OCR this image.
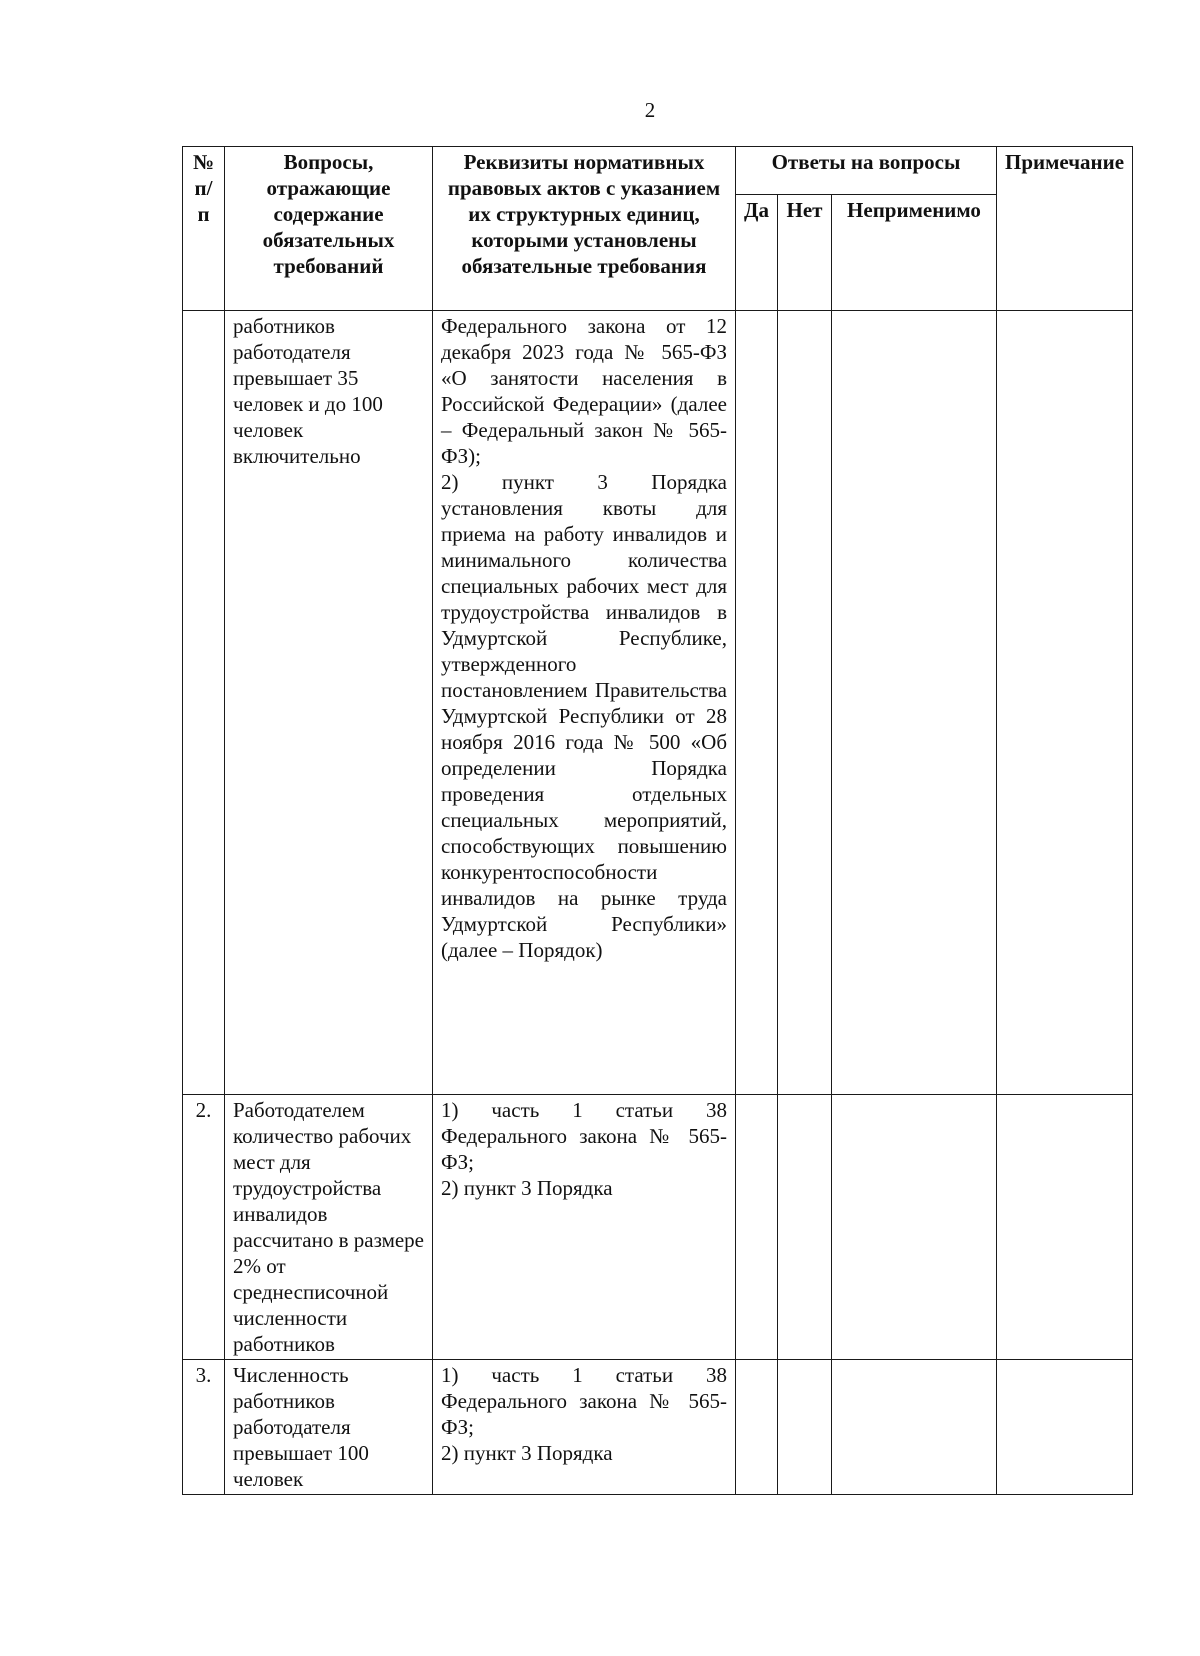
2
№ п/п	Вопросы, отражающие содержание обязательных требований	Реквизиты нормативных правовых актов с указанием их структурных единиц, которыми установлены обязательные требования	Ответы на вопросы			Примечание
			Да	Нет	Неприменимо	
	работников работодателя превышает 35 человек и до 100 человек включительно	Федерального закона от 12 декабря 2023 года № 565-ФЗ «О занятости населения в Российской Федерации» (далее – Федеральный закон № 565-ФЗ);

2) пункт 3 Порядка установления квоты для приема на работу инвалидов и минимального количества специальных рабочих мест для трудоустройства инвалидов в Удмуртской Республике, утвержденного постановлением Правительства Удмуртской Республики от 28 ноября 2016 года № 500 «Об определении Порядка проведения отдельных специальных мероприятий, способствующих повышению конкурентоспособности инвалидов на рынке труда Удмуртской Республики» (далее – Порядок)				

2.	Работодателем количество рабочих мест для трудоустройства инвалидов рассчитано в размере 2% от среднесписочной численности работников	1) часть 1 статьи 38 Федерального закона № 565-ФЗ;

2) пункт 3 Порядка				

3.	Численность работников работодателя превышает 100 человек	1) часть 1 статьи 38 Федерального закона № 565-ФЗ;

2) пункт 3 Порядка				
